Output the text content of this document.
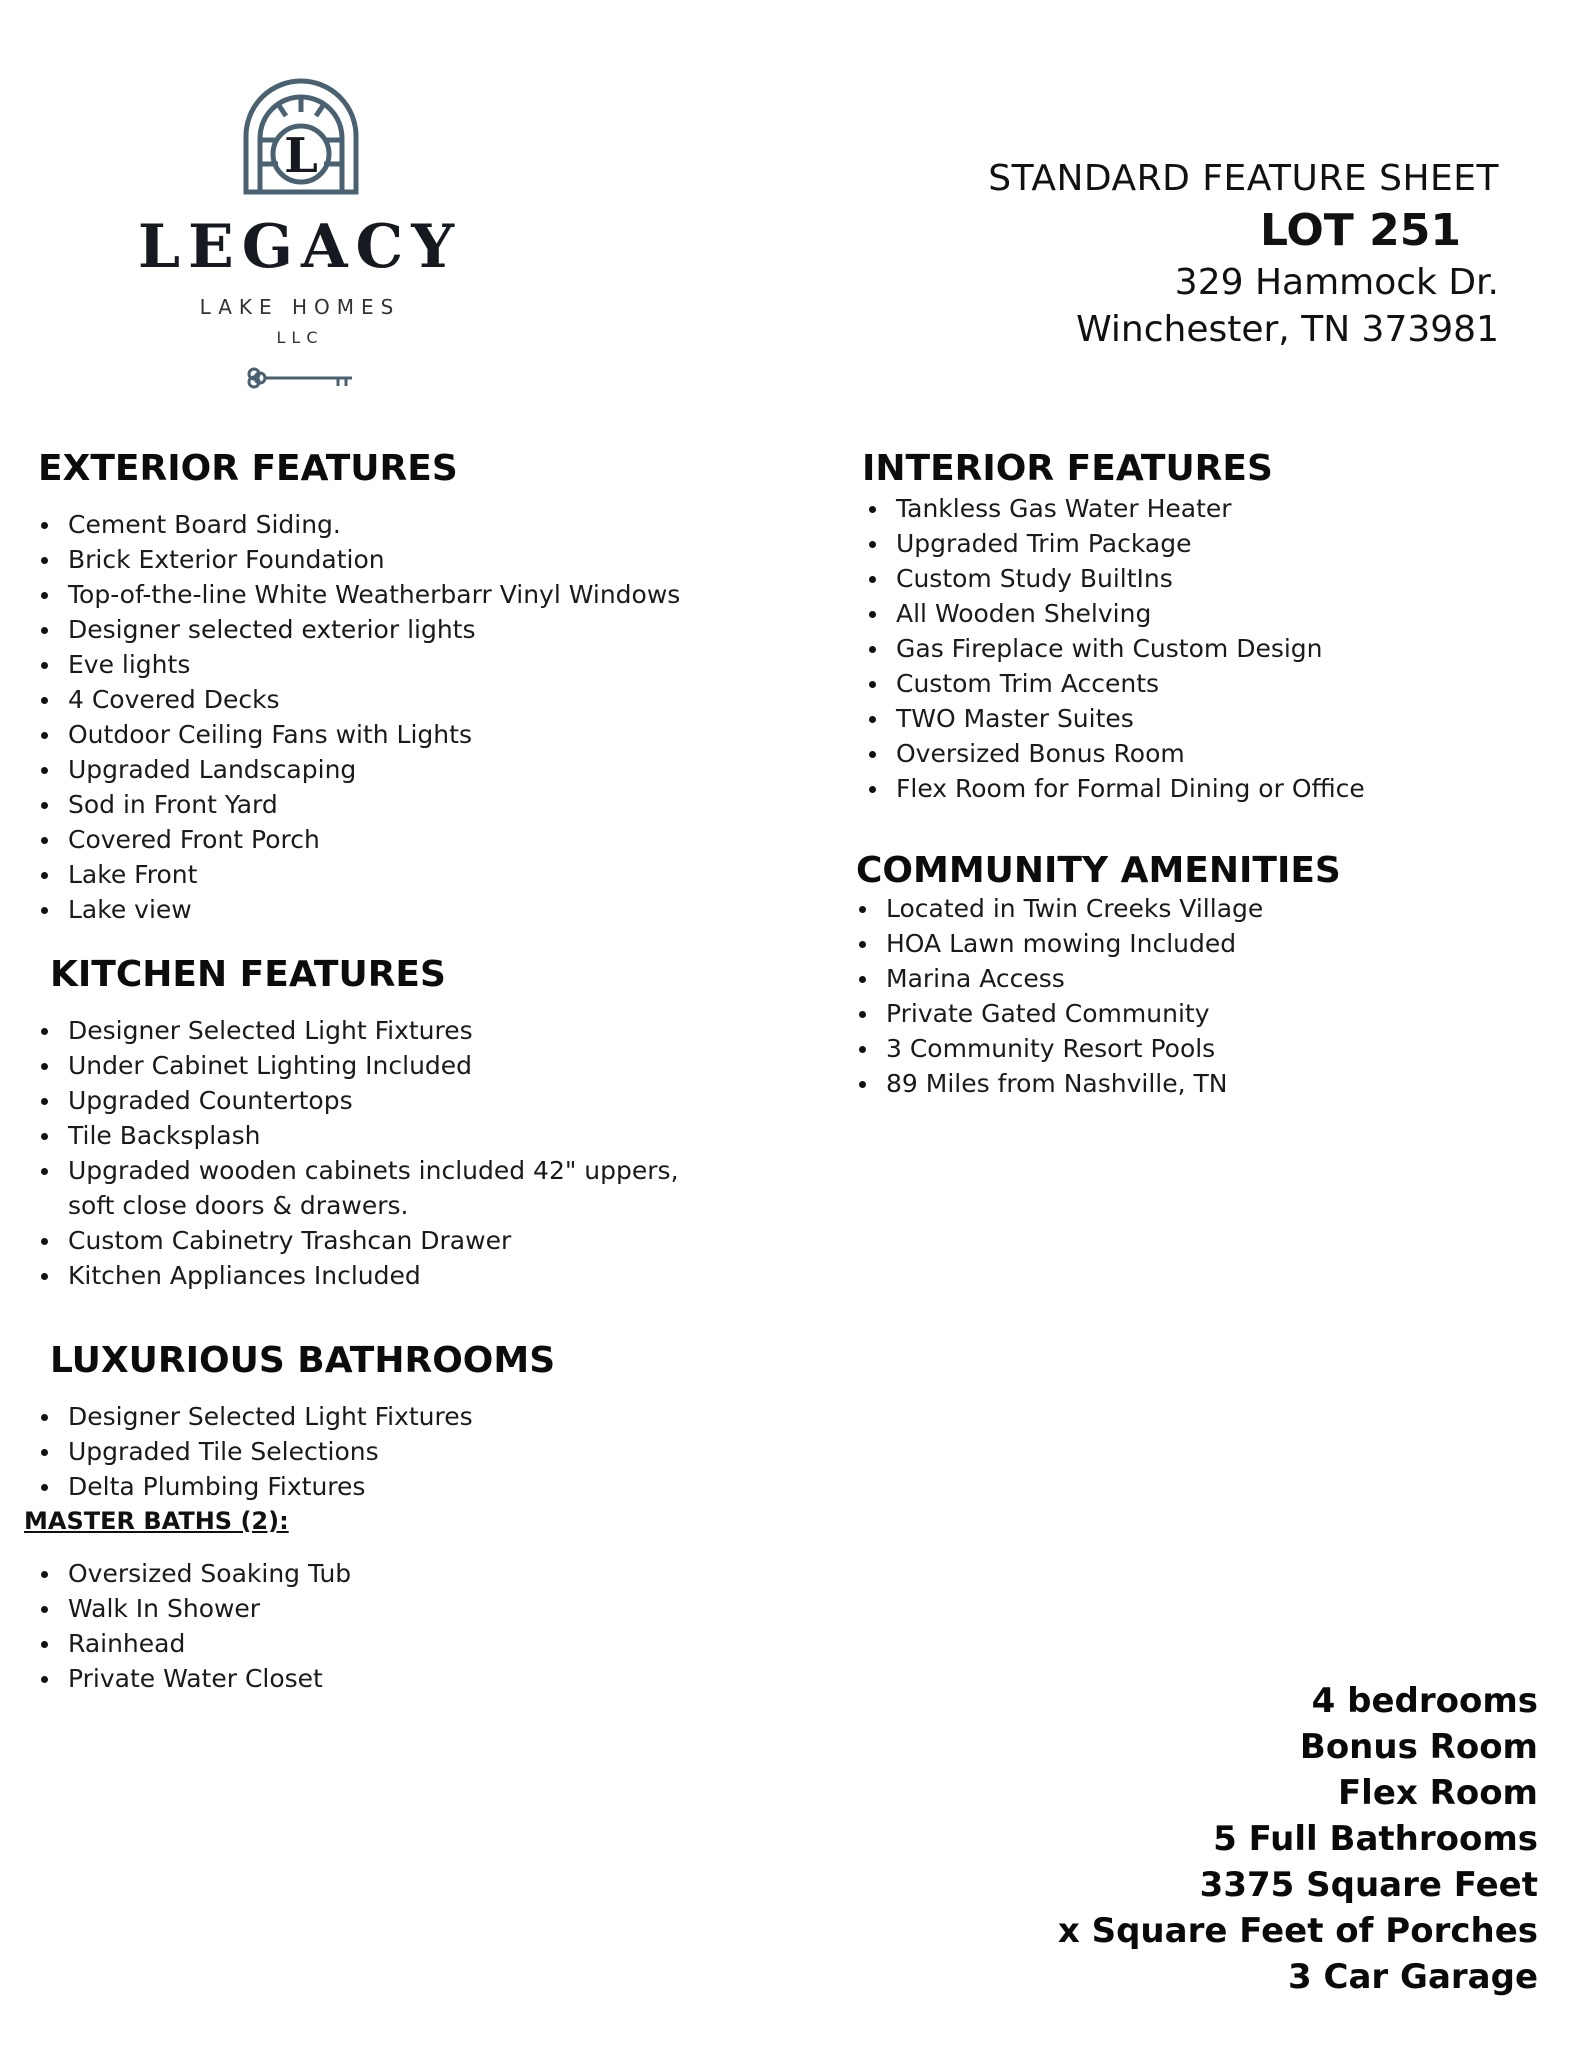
L
LEGACY
LAKE HOMES
LLC
STANDARD FEATURE SHEET
LOT 251
329 Hammock Dr.
Winchester, TN 373981
EXTERIOR FEATURES
Cement Board Siding.
Brick Exterior Foundation
Top-of-the-line White Weatherbarr Vinyl Windows
Designer selected exterior lights
Eve lights
4 Covered Decks
Outdoor Ceiling Fans with Lights
Upgraded Landscaping
Sod in Front Yard
Covered Front Porch
Lake Front
Lake view
KITCHEN FEATURES
Designer Selected Light Fixtures
Under Cabinet Lighting Included
Upgraded Countertops
Tile Backsplash
Upgraded wooden cabinets included 42" uppers,
soft close doors & drawers.
Custom Cabinetry Trashcan Drawer
Kitchen Appliances Included
LUXURIOUS BATHROOMS
Designer Selected Light Fixtures
Upgraded Tile Selections
Delta Plumbing Fixtures
MASTER BATHS (2):
Oversized Soaking Tub
Walk In Shower
Rainhead
Private Water Closet
INTERIOR FEATURES
Tankless Gas Water Heater
Upgraded Trim Package
Custom Study BuiltIns
All Wooden Shelving
Gas Fireplace with Custom Design
Custom Trim Accents
TWO Master Suites
Oversized Bonus Room
Flex Room for Formal Dining or Office
COMMUNITY AMENITIES
Located in Twin Creeks Village
HOA Lawn mowing Included
Marina Access
Private Gated Community
3 Community Resort Pools
89 Miles from Nashville, TN
4 bedrooms
Bonus Room
Flex Room
5 Full Bathrooms
3375 Square Feet
x Square Feet of Porches
3 Car Garage
